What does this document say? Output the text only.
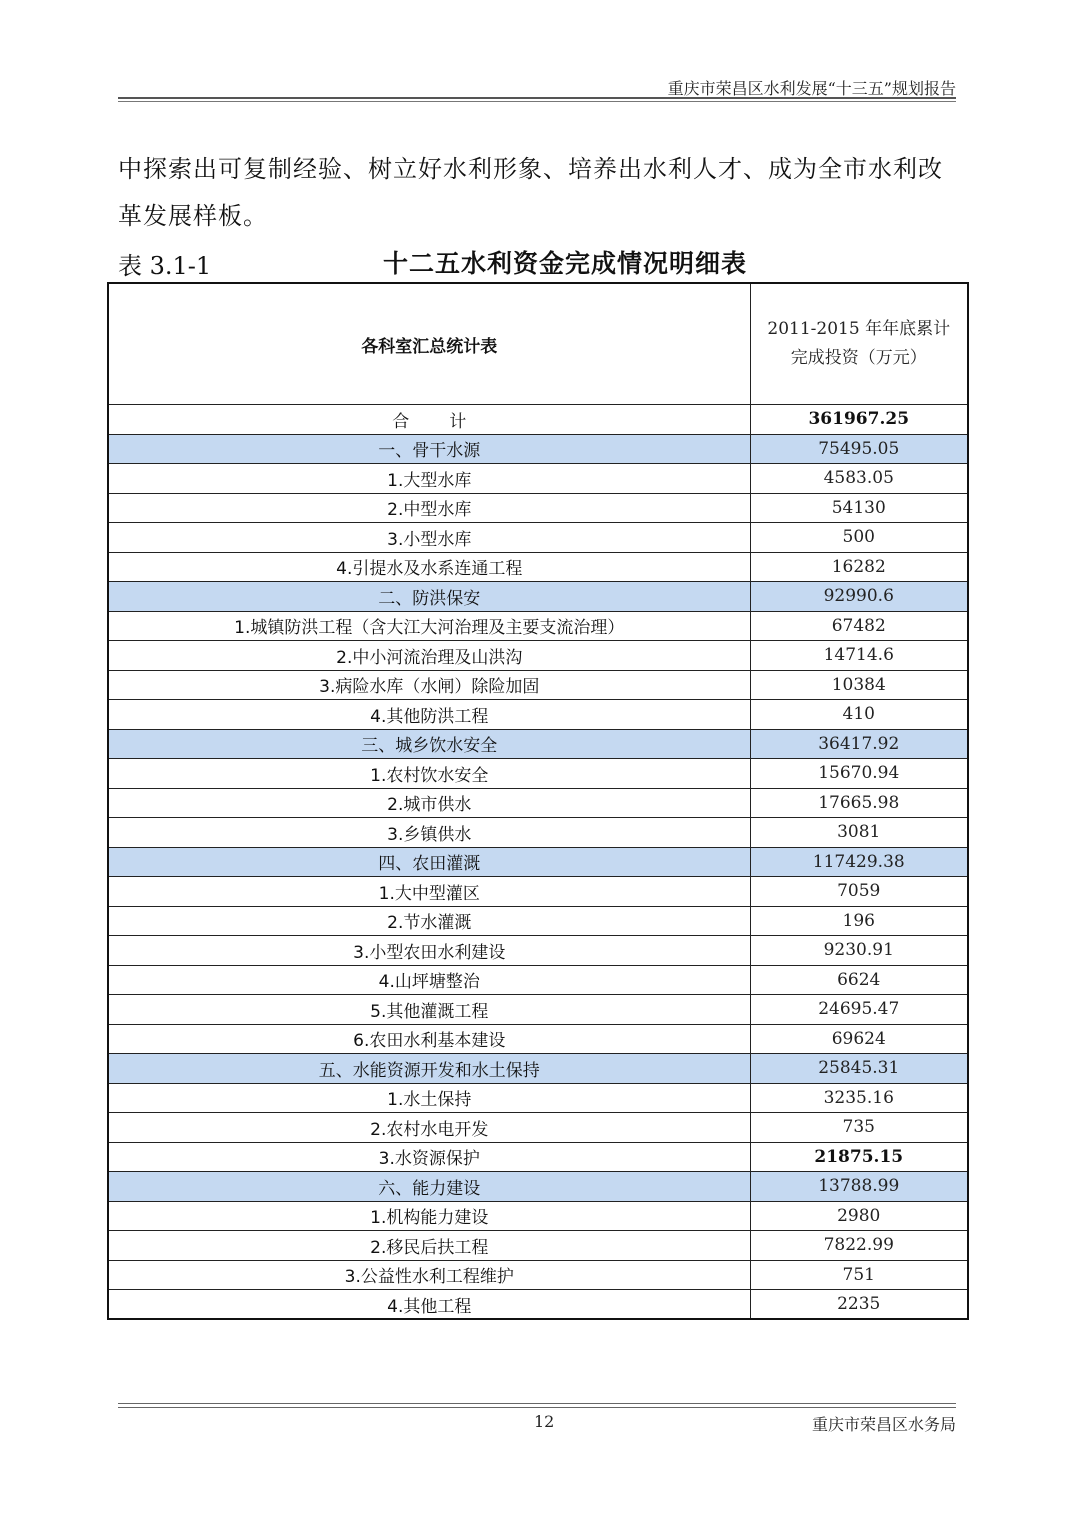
重庆市荣昌区水利发展“十三五”规划报告
中探索出可复制经验、树立好水利形象、培养出水利人才、成为全市水利改革发展样板。
表 3.1-1	十二五水利资金完成情况明细表
各科室汇总统计表	2011-2015 年年底累计
完成投资（万元）

合计	361967.25
一、骨干水源	75495.05
1.大型水库	4583.05
2.中型水库	54130
3.小型水库	500
4.引提水及水系连通工程	16282
二、防洪保安	92990.6
1.城镇防洪工程（含大江大河治理及主要支流治理）	67482
2.中小河流治理及山洪沟	14714.6
3.病险水库（水闸）除险加固	10384
4.其他防洪工程	410
三、城乡饮水安全	36417.92
1.农村饮水安全	15670.94
2.城市供水	17665.98
3.乡镇供水	3081
四、农田灌溉	117429.38
1.大中型灌区	7059
2.节水灌溉	196
3.小型农田水利建设	9230.91
4.山坪塘整治	6624
5.其他灌溉工程	24695.47
6.农田水利基本建设	69624
五、水能资源开发和水土保持	25845.31
1.水土保持	3235.16
2.农村水电开发	735
3.水资源保护	21875.15
六、能力建设	13788.99
1.机构能力建设	2980
2.移民后扶工程	7822.99
3.公益性水利工程维护	751
4.其他工程	2235
12	重庆市荣昌区水务局
